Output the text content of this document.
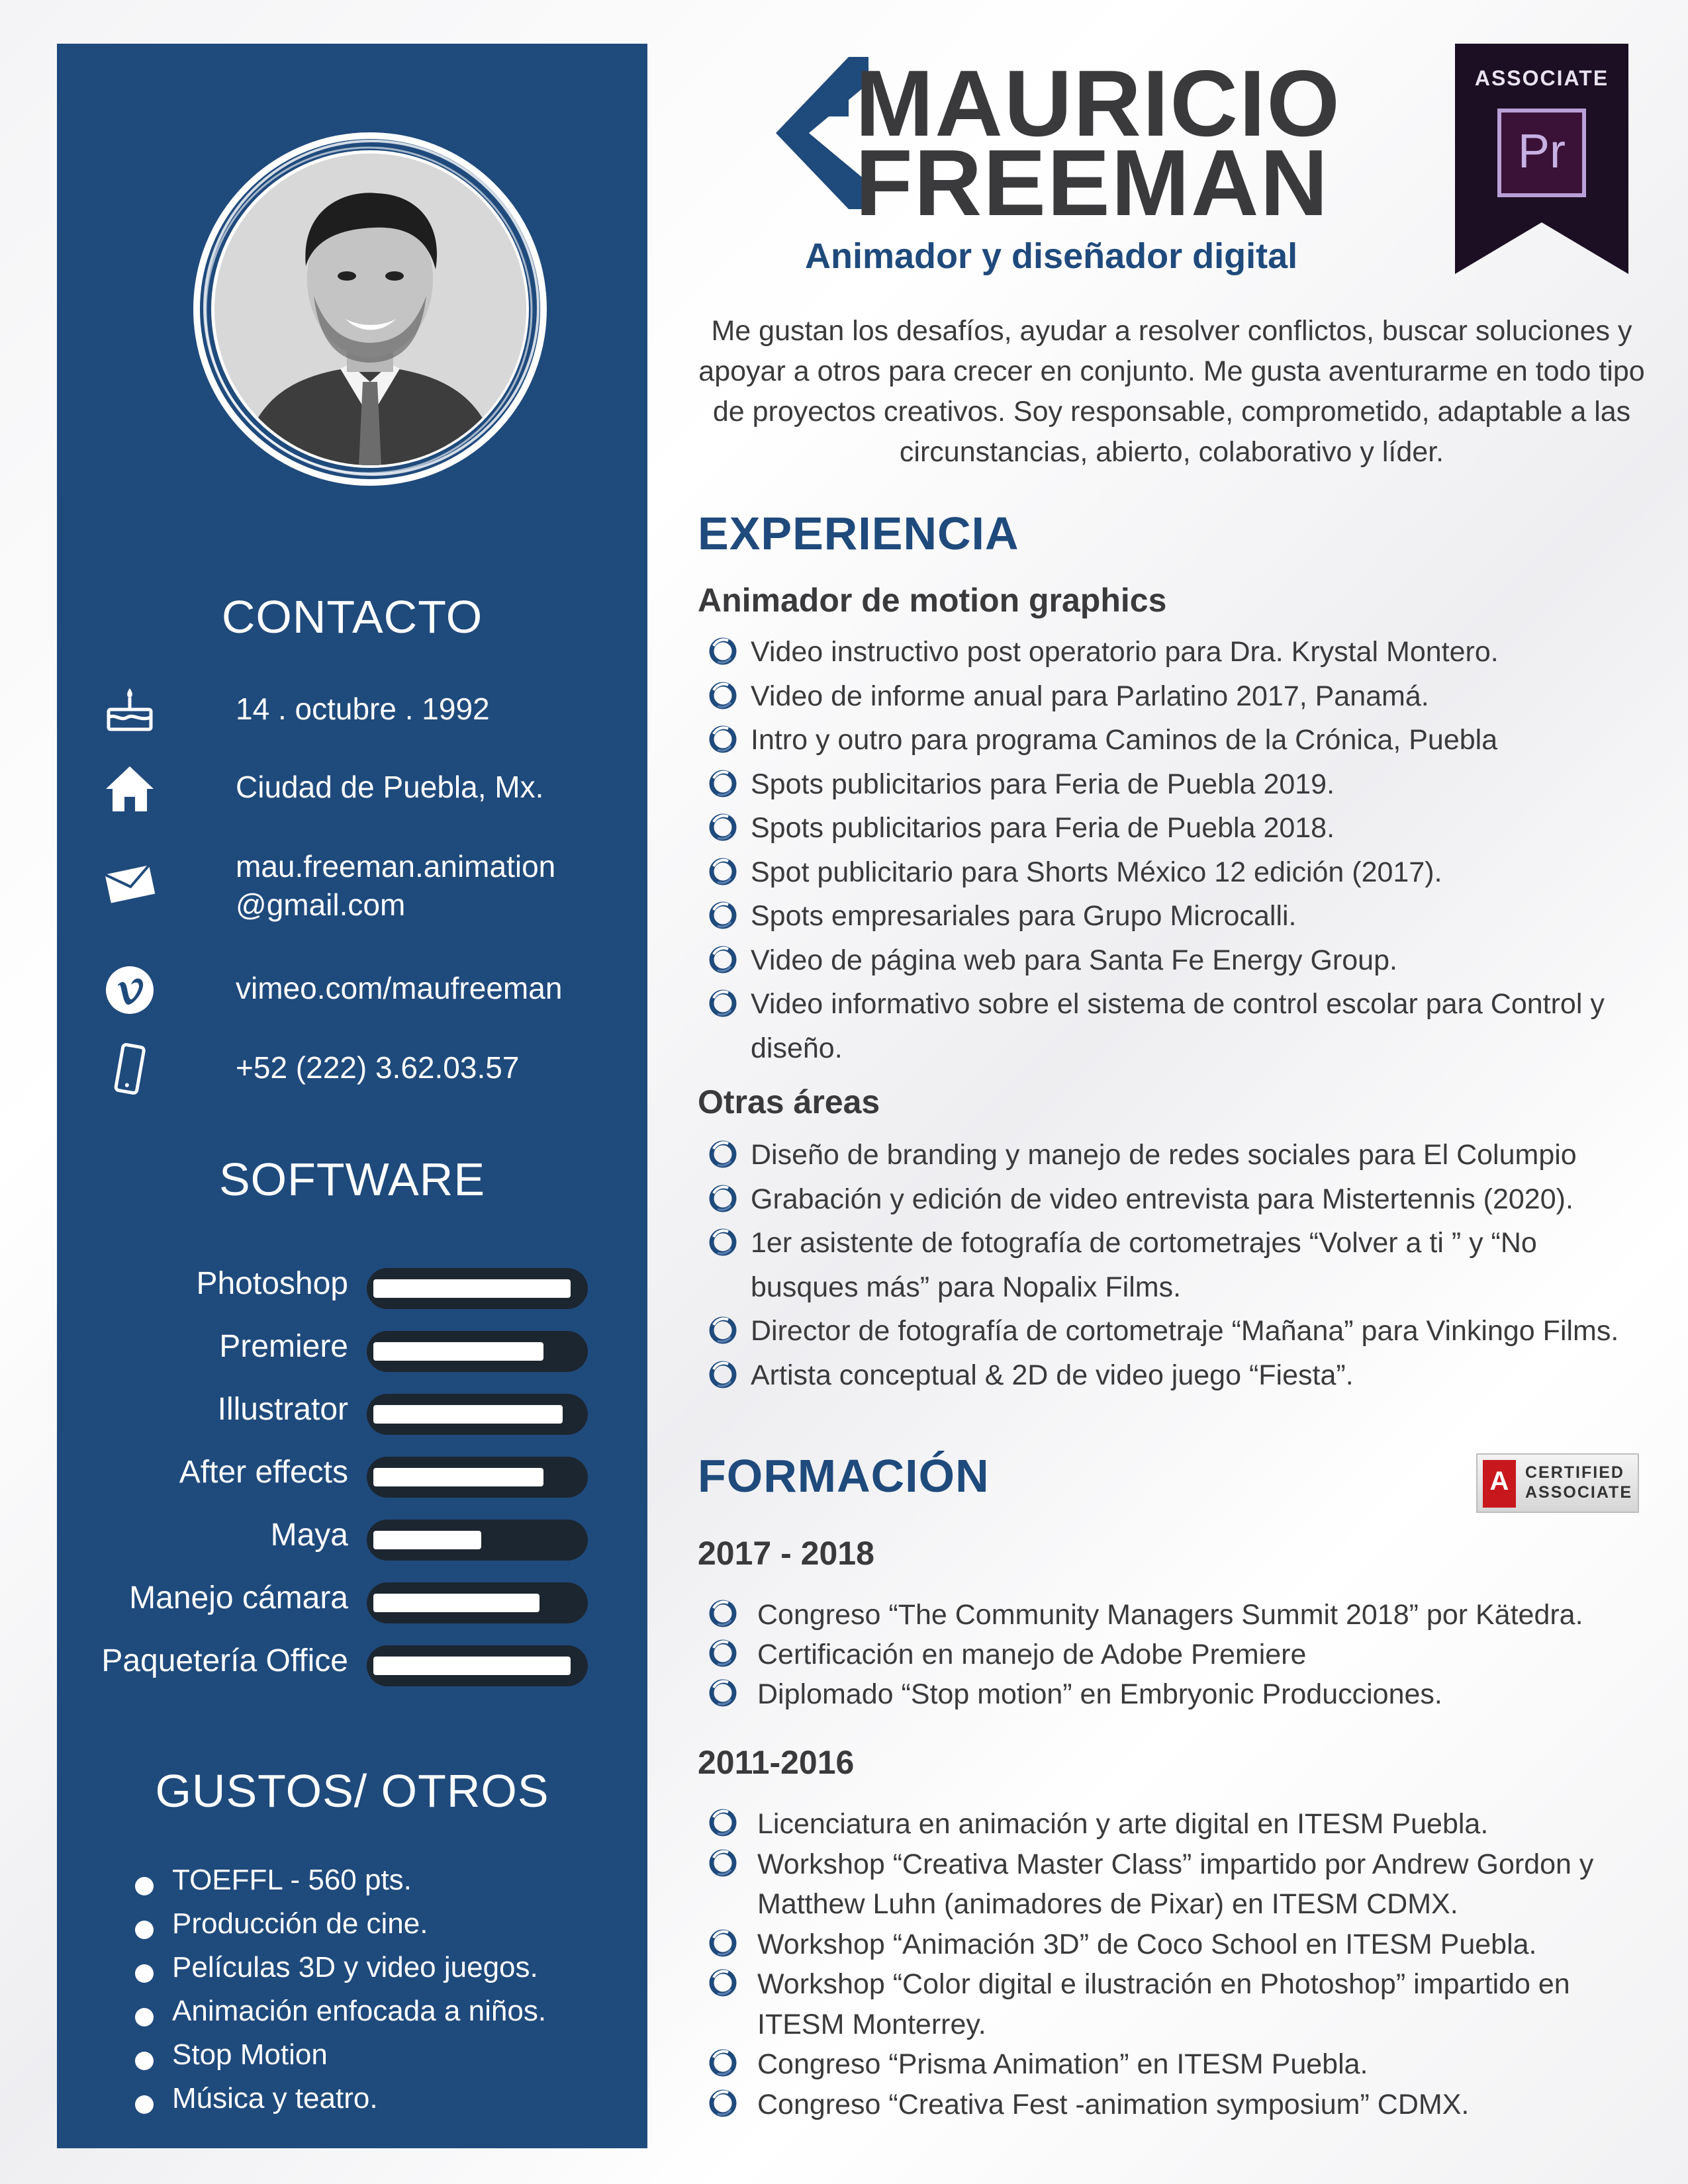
CONTACTO
14 . octubre . 1992
Ciudad de Puebla, Mx.
mau.freeman.animation
@gmail.com
vimeo.com/maufreeman
+52 (222) 3.62.03.57
SOFTWARE
Photoshop
Premiere
Illustrator
After effects
Maya
Manejo cámara
Paquetería Office
GUSTOS/ OTROS
TOEFFL - 560 pts.
Producción de cine.
Películas 3D y video juegos.
Animación enfocada a niños.
Stop Motion
Música y teatro.
MAURICIO
FREEMAN
Animador y diseñador digital
ASSOCIATE
Pr

Me gustan los desafíos, ayudar a resolver conflictos, buscar soluciones y apoyar a otros para crecer en conjunto. Me gusta aventurarme en todo tipo de proyectos creativos. Soy responsable, comprometido, adaptable a las circunstancias, abierto, colaborativo y líder.

EXPERIENCIA
Animador de motion graphics
Video instructivo post operatorio para Dra. Krystal Montero.
Video de informe anual para Parlatino 2017, Panamá.
Intro y outro para programa Caminos de la Crónica, Puebla
Spots publicitarios para Feria de Puebla 2019.
Spots publicitarios para Feria de Puebla 2018.
Spot publicitario para Shorts México 12 edición (2017).
Spots empresariales para Grupo Microcalli.
Video de página web para Santa Fe Energy Group.
Video informativo sobre el sistema de control escolar para Control y
diseño.
Otras áreas
Diseño de branding y manejo de redes sociales para El Columpio
Grabación y edición de video entrevista para Mistertennis (2020).
1er asistente de fotografía de cortometrajes “Volver a ti ” y “No
busques más” para Nopalix Films.
Director de fotografía de cortometraje “Mañana” para Vinkingo Films.
Artista conceptual & 2D de video juego “Fiesta”.
FORMACIÓN	A CERTIFIED
ASSOCIATE
2017 - 2018
Congreso “The Community Managers Summit 2018” por Kätedra.
Certificación en manejo de Adobe Premiere
Diplomado “Stop motion” en Embryonic Producciones.
2011-2016
Licenciatura en animación y arte digital en ITESM Puebla.
Workshop “Creativa Master Class” impartido por Andrew Gordon y
Matthew Luhn (animadores de Pixar) en ITESM CDMX.
Workshop “Animación 3D” de Coco School en ITESM Puebla.
Workshop “Color digital e ilustración en Photoshop” impartido en
ITESM Monterrey.
Congreso “Prisma Animation” en ITESM Puebla.
Congreso “Creativa Fest -animation symposium” CDMX.
